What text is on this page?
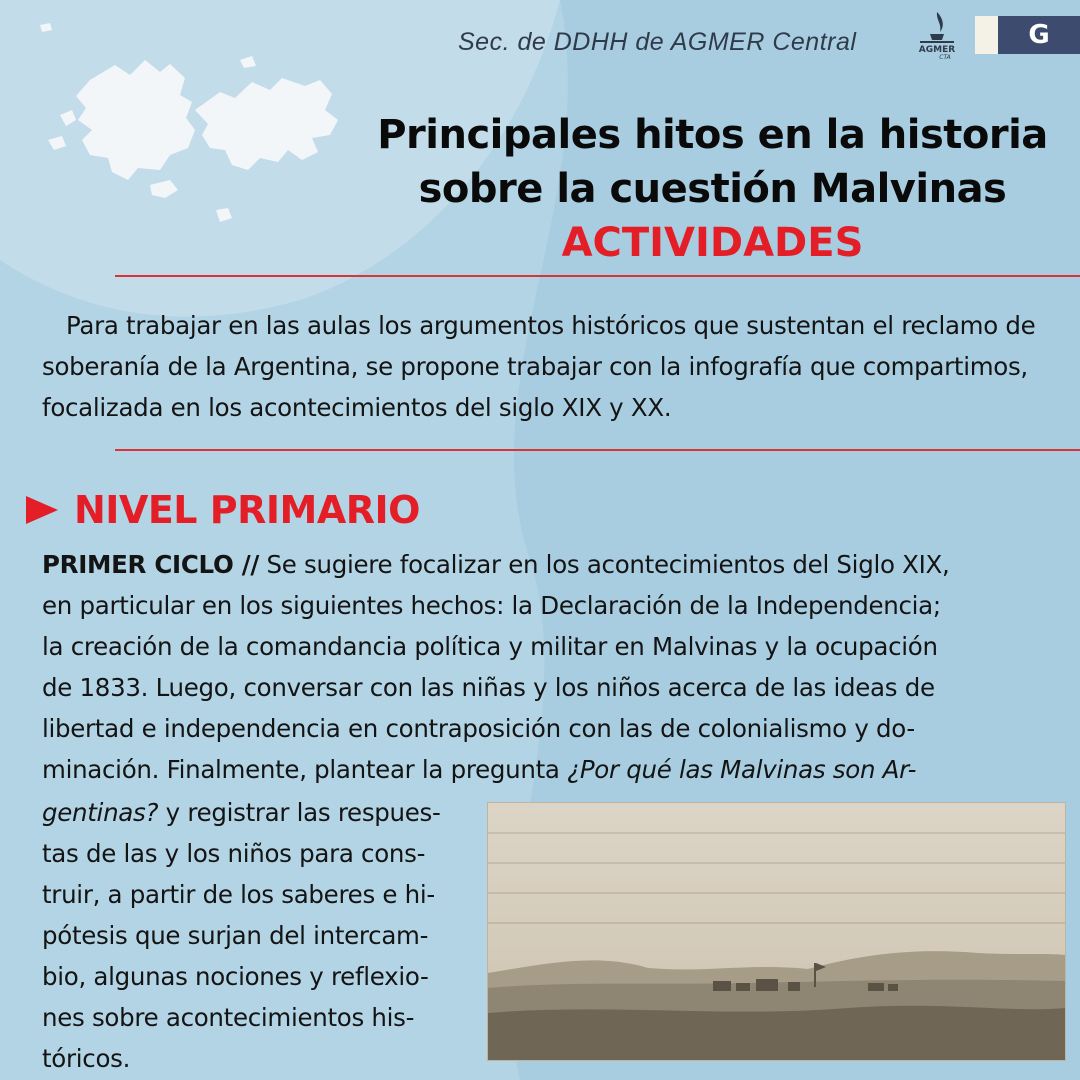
Sec. de DDHH de AGMER Central	AGMER
CTA
G
Principales hitos en la historia
sobre la cuestión Malvinas
ACTIVIDADES
Para trabajar en las aulas los argumentos históricos que sustentan el reclamo de soberanía de la Argentina, se propone trabajar con la infografía que compartimos, focalizada en los acontecimientos del siglo XIX y XX.
NIVEL PRIMARIO
PRIMER CICLO // Se sugiere focalizar en los acontecimientos del Siglo XIX,
en particular en los siguientes hechos: la Declaración de la Independencia;
la creación de la comandancia política y militar en Malvinas y la ocupación
de 1833. Luego, conversar con las niñas y los niños acerca de las ideas de
libertad e independencia en contraposición con las de colonialismo y do-
minación. Finalmente, plantear la pregunta ¿Por qué las Malvinas son Ar-
gentinas? y registrar las respues-
tas de las y los niños para cons-
truir, a partir de los saberes e hi-
pótesis que surjan del intercam-
bio, algunas nociones y reflexio-
nes sobre acontecimientos his-
tóricos.
